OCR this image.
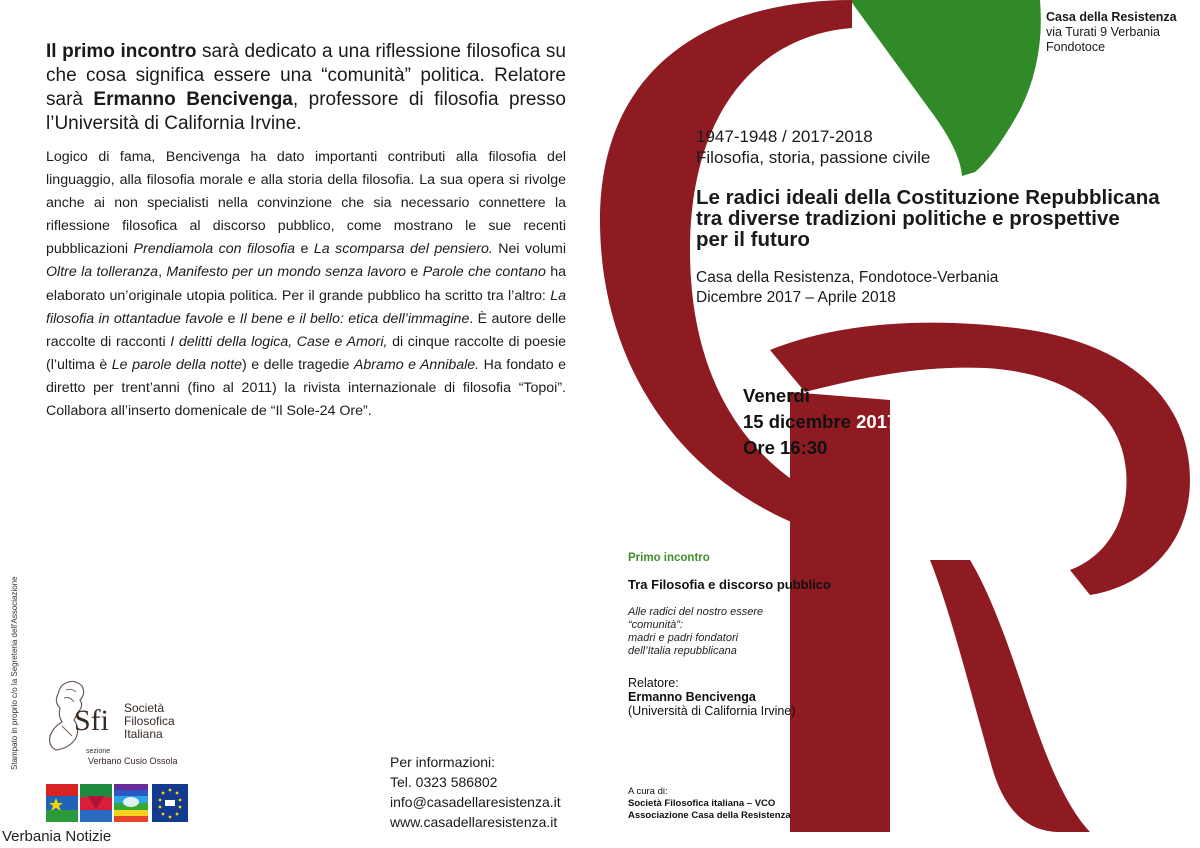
Il primo incontro sarà dedicato a una riflessione filosofica su che cosa significa essere una “comunità” politica. Relatore sarà Ermanno Bencivenga, professore di filosofia presso l’Università di California Irvine.
Logico di fama, Bencivenga ha dato importanti contributi alla filosofia del linguaggio, alla filosofia morale e alla storia della filosofia. La sua opera si rivolge anche ai non specialisti nella convinzione che sia necessario connettere la riflessione filosofica al discorso pubblico, come mostrano le sue recenti pubblicazioni Prendiamola con filosofia e La scomparsa del pensiero. Nei volumi Oltre la tolleranza, Manifesto per un mondo senza lavoro e Parole che contano ha elaborato un’originale utopia politica. Per il grande pubblico ha scritto tra l’altro: La filosofia in ottantadue favole e Il bene e il bello: etica dell’immagine. È autore delle raccolte di racconti I delitti della logica, Case e Amori, di cinque raccolte di poesie (l’ultima è Le parole della notte) e delle tragedie Abramo e Annibale. Ha fondato e diretto per trent’anni (fino al 2011) la rivista internazionale di filosofia “Topoi”. Collabora all’inserto domenicale de “Il Sole-24 Ore”.
Stampato in proprio c/o la Segreteria dell'Associazione Sfi Società
Filosofica
Italiana
sezione
Verbano Cusio Ossola	Per informazioni:
Tel. 0323 586802
info@casadellaresistenza.it
www.casadellaresistenza.it
Verbania Notizie
Casa della Resistenza
via Turati 9 Verbania
Fondotoce
1947-1948 / 2017-2018
Filosofia, storia, passione civile
Le radici ideali della Costituzione Repubblicana
tra diverse tradizioni politiche e prospettive
per il futuro
Casa della Resistenza, Fondotoce-Verbania
Dicembre 2017 – Aprile 2018
Venerdì
15 dicembre 2017
Ore 16:30
Primo incontro
Tra Filosofia e discorso pubblico
Alle radici del nostro essere
“comunità”:
madri e padri fondatori
dell’Italia repubblicana
Relatore:
Ermanno Bencivenga
(Università di California Irvine)
A cura di:
Società Filosofica italiana – VCO
Associazione Casa della Resistenza
